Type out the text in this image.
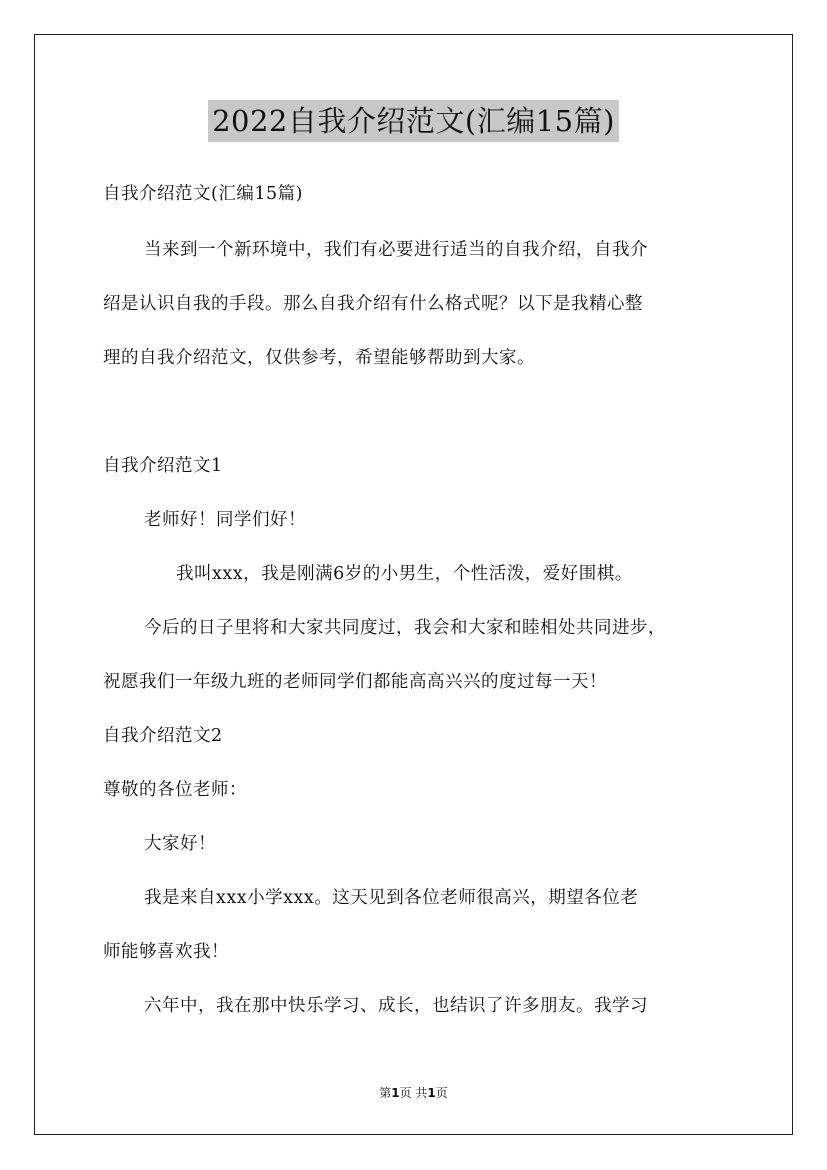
2022自我介绍范文(汇编15篇)
自我介绍范文(汇编15篇)
当来到一个新环境中，我们有必要进行适当的自我介绍，自我介
绍是认识自我的手段。那么自我介绍有什么格式呢？以下是我精心整
理的自我介绍范文，仅供参考，希望能够帮助到大家。
自我介绍范文1
老师好！同学们好！
我叫xxx，我是刚满6岁的小男生，个性活泼，爱好围棋。
今后的日子里将和大家共同度过，我会和大家和睦相处共同进步，
祝愿我们一年级九班的老师同学们都能高高兴兴的度过每一天！
自我介绍范文2
尊敬的各位老师：
大家好！
我是来自xxx小学xxx。这天见到各位老师很高兴，期望各位老
师能够喜欢我！
六年中，我在那中快乐学习、成长，也结识了许多朋友。我学习
第1页 共1页
